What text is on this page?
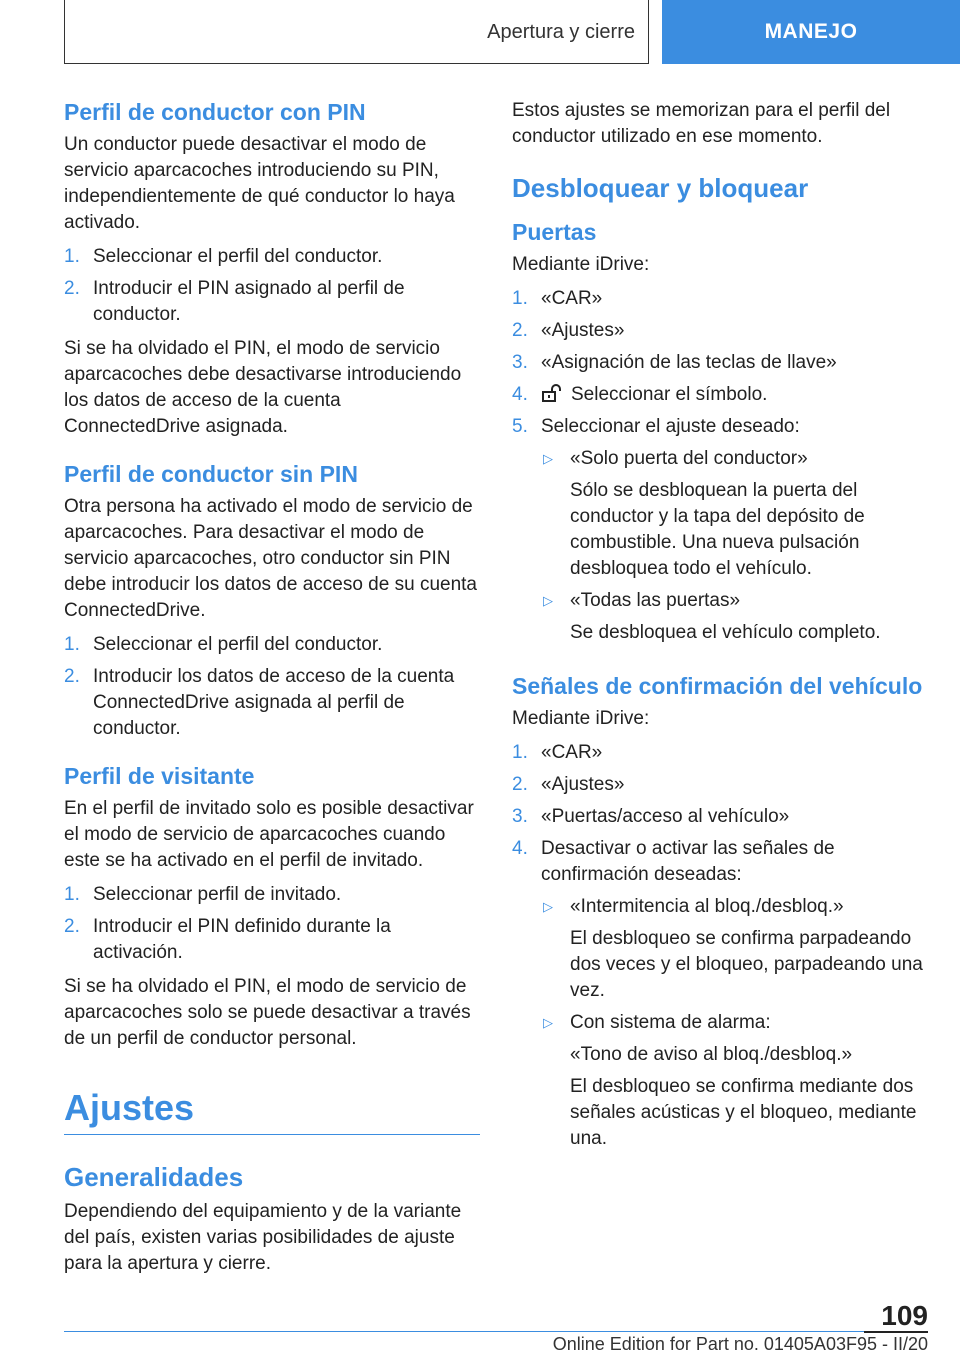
Apertura y cierre	MANEJO
Perfil de conductor con PIN

Un conductor puede desactivar el modo de servicio aparcacoches introduciendo su PIN, independientemente de qué conductor lo haya activado.

1. Seleccionar el perfil del conductor.
2. Introducir el PIN asignado al perfil de conductor.

Si se ha olvidado el PIN, el modo de servicio aparcacoches debe desactivarse introduciendo los datos de acceso de la cuenta ConnectedDrive asignada.

Perfil de conductor sin PIN

Otra persona ha activado el modo de servicio de aparcacoches. Para desactivar el modo de servicio aparcacoches, otro conductor sin PIN debe introducir los datos de acceso de su cuenta ConnectedDrive.

1. Seleccionar el perfil del conductor.
2. Introducir los datos de acceso de la cuenta ConnectedDrive asignada al perfil de conductor.
Perfil de visitante

En el perfil de invitado solo es posible desactivar el modo de servicio de aparcacoches cuando este se ha activado en el perfil de invitado.

1. Seleccionar perfil de invitado.
2. Introducir el PIN definido durante la activación.

Si se ha olvidado el PIN, el modo de servicio de aparcacoches solo se puede desactivar a través de un perfil de conductor personal.

Ajustes
Generalidades

Dependiendo del equipamiento y de la variante del país, existen varias posibilidades de ajuste para la apertura y cierre.

Estos ajustes se memorizan para el perfil del conductor utilizado en ese momento.

Desbloquear y bloquear
Puertas

Mediante iDrive:

1. «CAR»
2. «Ajustes»
3. «Asignación de las teclas de llave»
4.	Seleccionar el símbolo.
5. Seleccionar el ajuste deseado:
▷ «Solo puerta del conductor»
Sólo se desbloquean la puerta del conductor y la tapa del depósito de combustible. Una nueva pulsación desbloquea todo el vehículo.
▷ «Todas las puertas»
Se desbloquea el vehículo completo.
Señales de confirmación del vehículo

Mediante iDrive:

1. «CAR»
2. «Ajustes»
3. «Puertas/acceso al vehículo»
4. Desactivar o activar las señales de confirmación deseadas:
▷ «Intermitencia al bloq./desbloq.»
El desbloqueo se confirma parpadeando dos veces y el bloqueo, parpadeando una vez.
▷ Con sistema de alarma:
«Tono de aviso al bloq./desbloq.»
El desbloqueo se confirma mediante dos señales acústicas y el bloqueo, mediante una.
109
Online Edition for Part no. 01405A03F95 - II/20
